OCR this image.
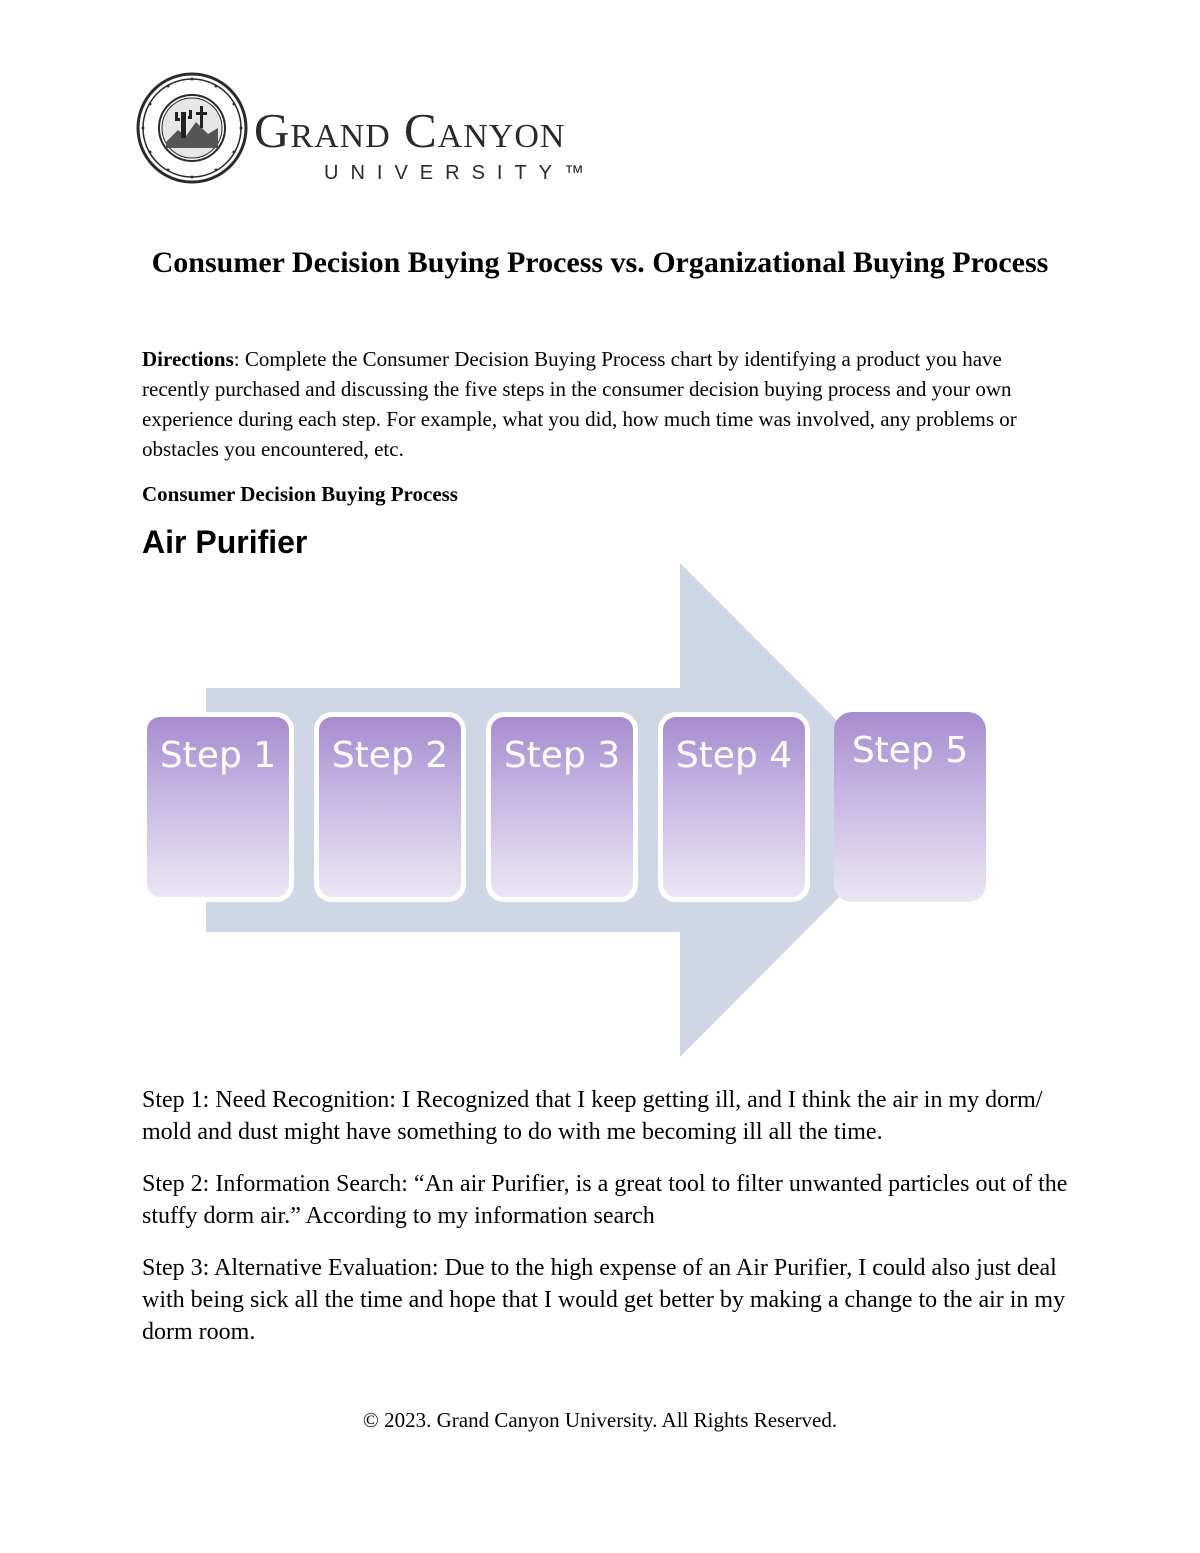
Grand Canyon
UNIVERSITY™
Consumer Decision Buying Process vs. Organizational Buying Process
Directions: Complete the Consumer Decision Buying Process chart by identifying a product you have recently purchased and discussing the five steps in the consumer decision buying process and your own experience during each step. For example, what you did, how much time was involved, any problems or obstacles you encountered, etc.
Consumer Decision Buying Process
Air Purifier
Step 1	Step 2	Step 3	Step 4	Step 5

Step 1: Need Recognition: I Recognized that I keep getting ill, and I think the air in my dorm/ mold and dust might have something to do with me becoming ill all the time.

Step 2: Information Search: “An air Purifier, is a great tool to filter unwanted particles out of the stuffy dorm air.” According to my information search

Step 3: Alternative Evaluation: Due to the high expense of an Air Purifier, I could also just deal with being sick all the time and hope that I would get better by making a change to the air in my dorm room.

© 2023. Grand Canyon University. All Rights Reserved.
